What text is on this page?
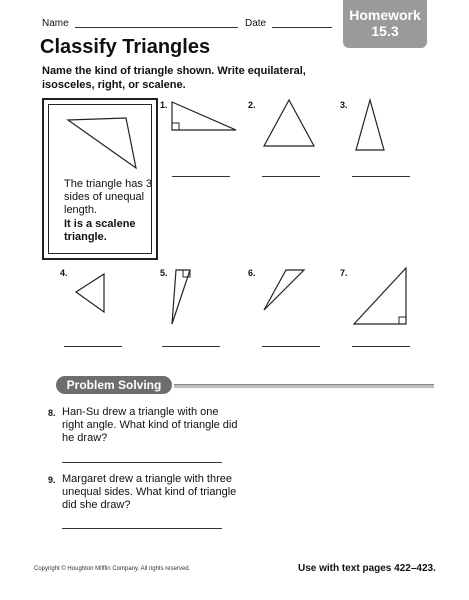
Name	Date
Homework
15.3
Classify Triangles
Name the kind of triangle shown. Write equilateral,
isosceles, right, or scalene.
The triangle has 3 sides of unequal length.
It is a scalene triangle.
1.	2.	3.
4.	5.	6.	7.
Problem Solving
8. Han-Su drew a triangle with one right angle. What kind of triangle did he draw?
9. Margaret drew a triangle with three unequal sides. What kind of triangle did she draw?
Copyright © Houghton Mifflin Company. All rights reserved.	Use with text pages 422–423.
